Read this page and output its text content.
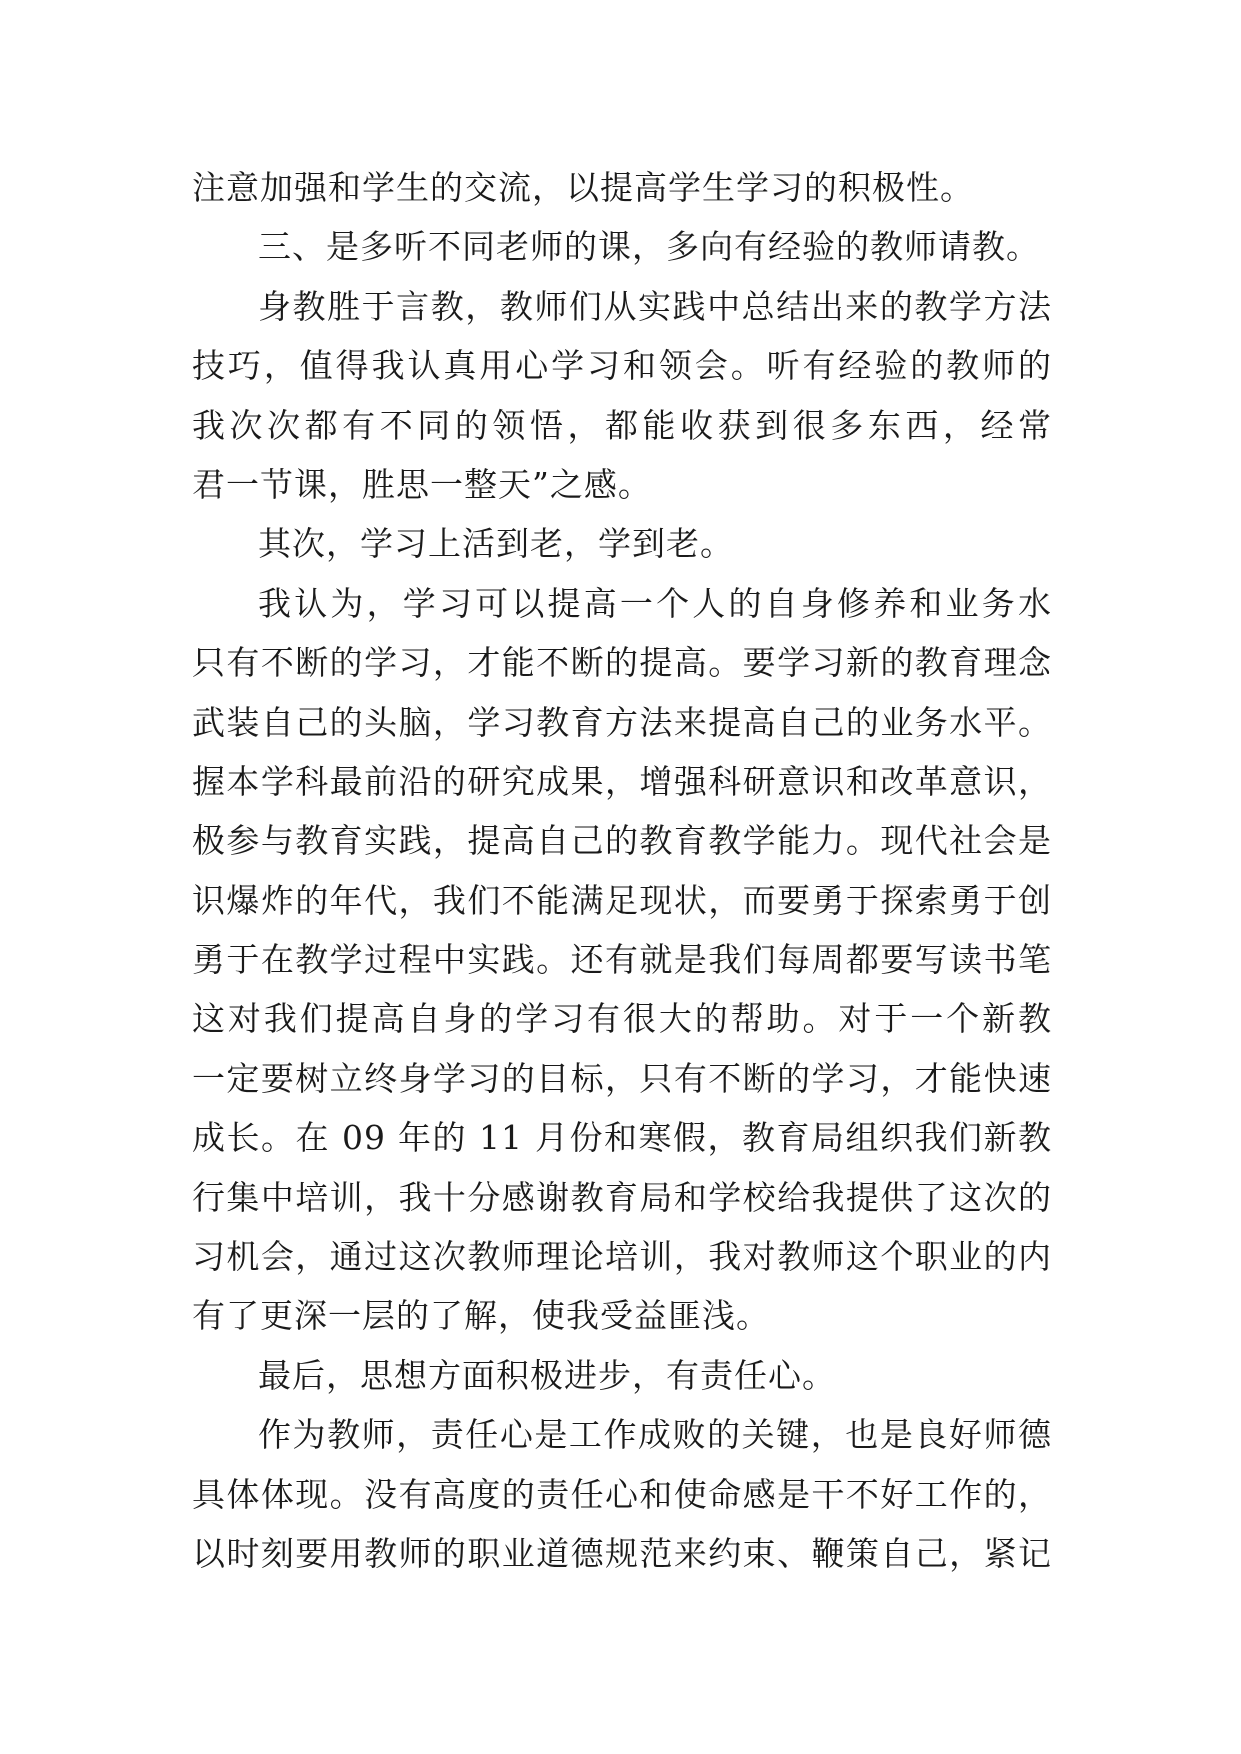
注意加强和学生的交流，以提高学生学习的积极性。
三、是多听不同老师的课，多向有经验的教师请教。
身教胜于言教，教师们从实践中总结出来的教学方法
技巧，值得我认真用心学习和领会。听有经验的教师的
我次次都有不同的领悟，都能收获到很多东西，经常
君一节课，胜思一整天”之感。
其次，学习上活到老，学到老。
我认为，学习可以提高一个人的自身修养和业务水
只有不断的学习，才能不断的提高。要学习新的教育理念
武装自己的头脑，学习教育方法来提高自己的业务水平。
握本学科最前沿的研究成果，增强科研意识和改革意识，
极参与教育实践，提高自己的教育教学能力。现代社会是
识爆炸的年代，我们不能满足现状，而要勇于探索勇于创
勇于在教学过程中实践。还有就是我们每周都要写读书笔
这对我们提高自身的学习有很大的帮助。对于一个新教
一定要树立终身学习的目标，只有不断的学习，才能快速
成长。在 09 年的 11 月份和寒假，教育局组织我们新教
行集中培训，我十分感谢教育局和学校给我提供了这次的
习机会，通过这次教师理论培训，我对教师这个职业的内
有了更深一层的了解，使我受益匪浅。
最后，思想方面积极进步，有责任心。
作为教师，责任心是工作成败的关键，也是良好师德
具体体现。没有高度的责任心和使命感是干不好工作的，
以时刻要用教师的职业道德规范来约束、鞭策自己，紧记
